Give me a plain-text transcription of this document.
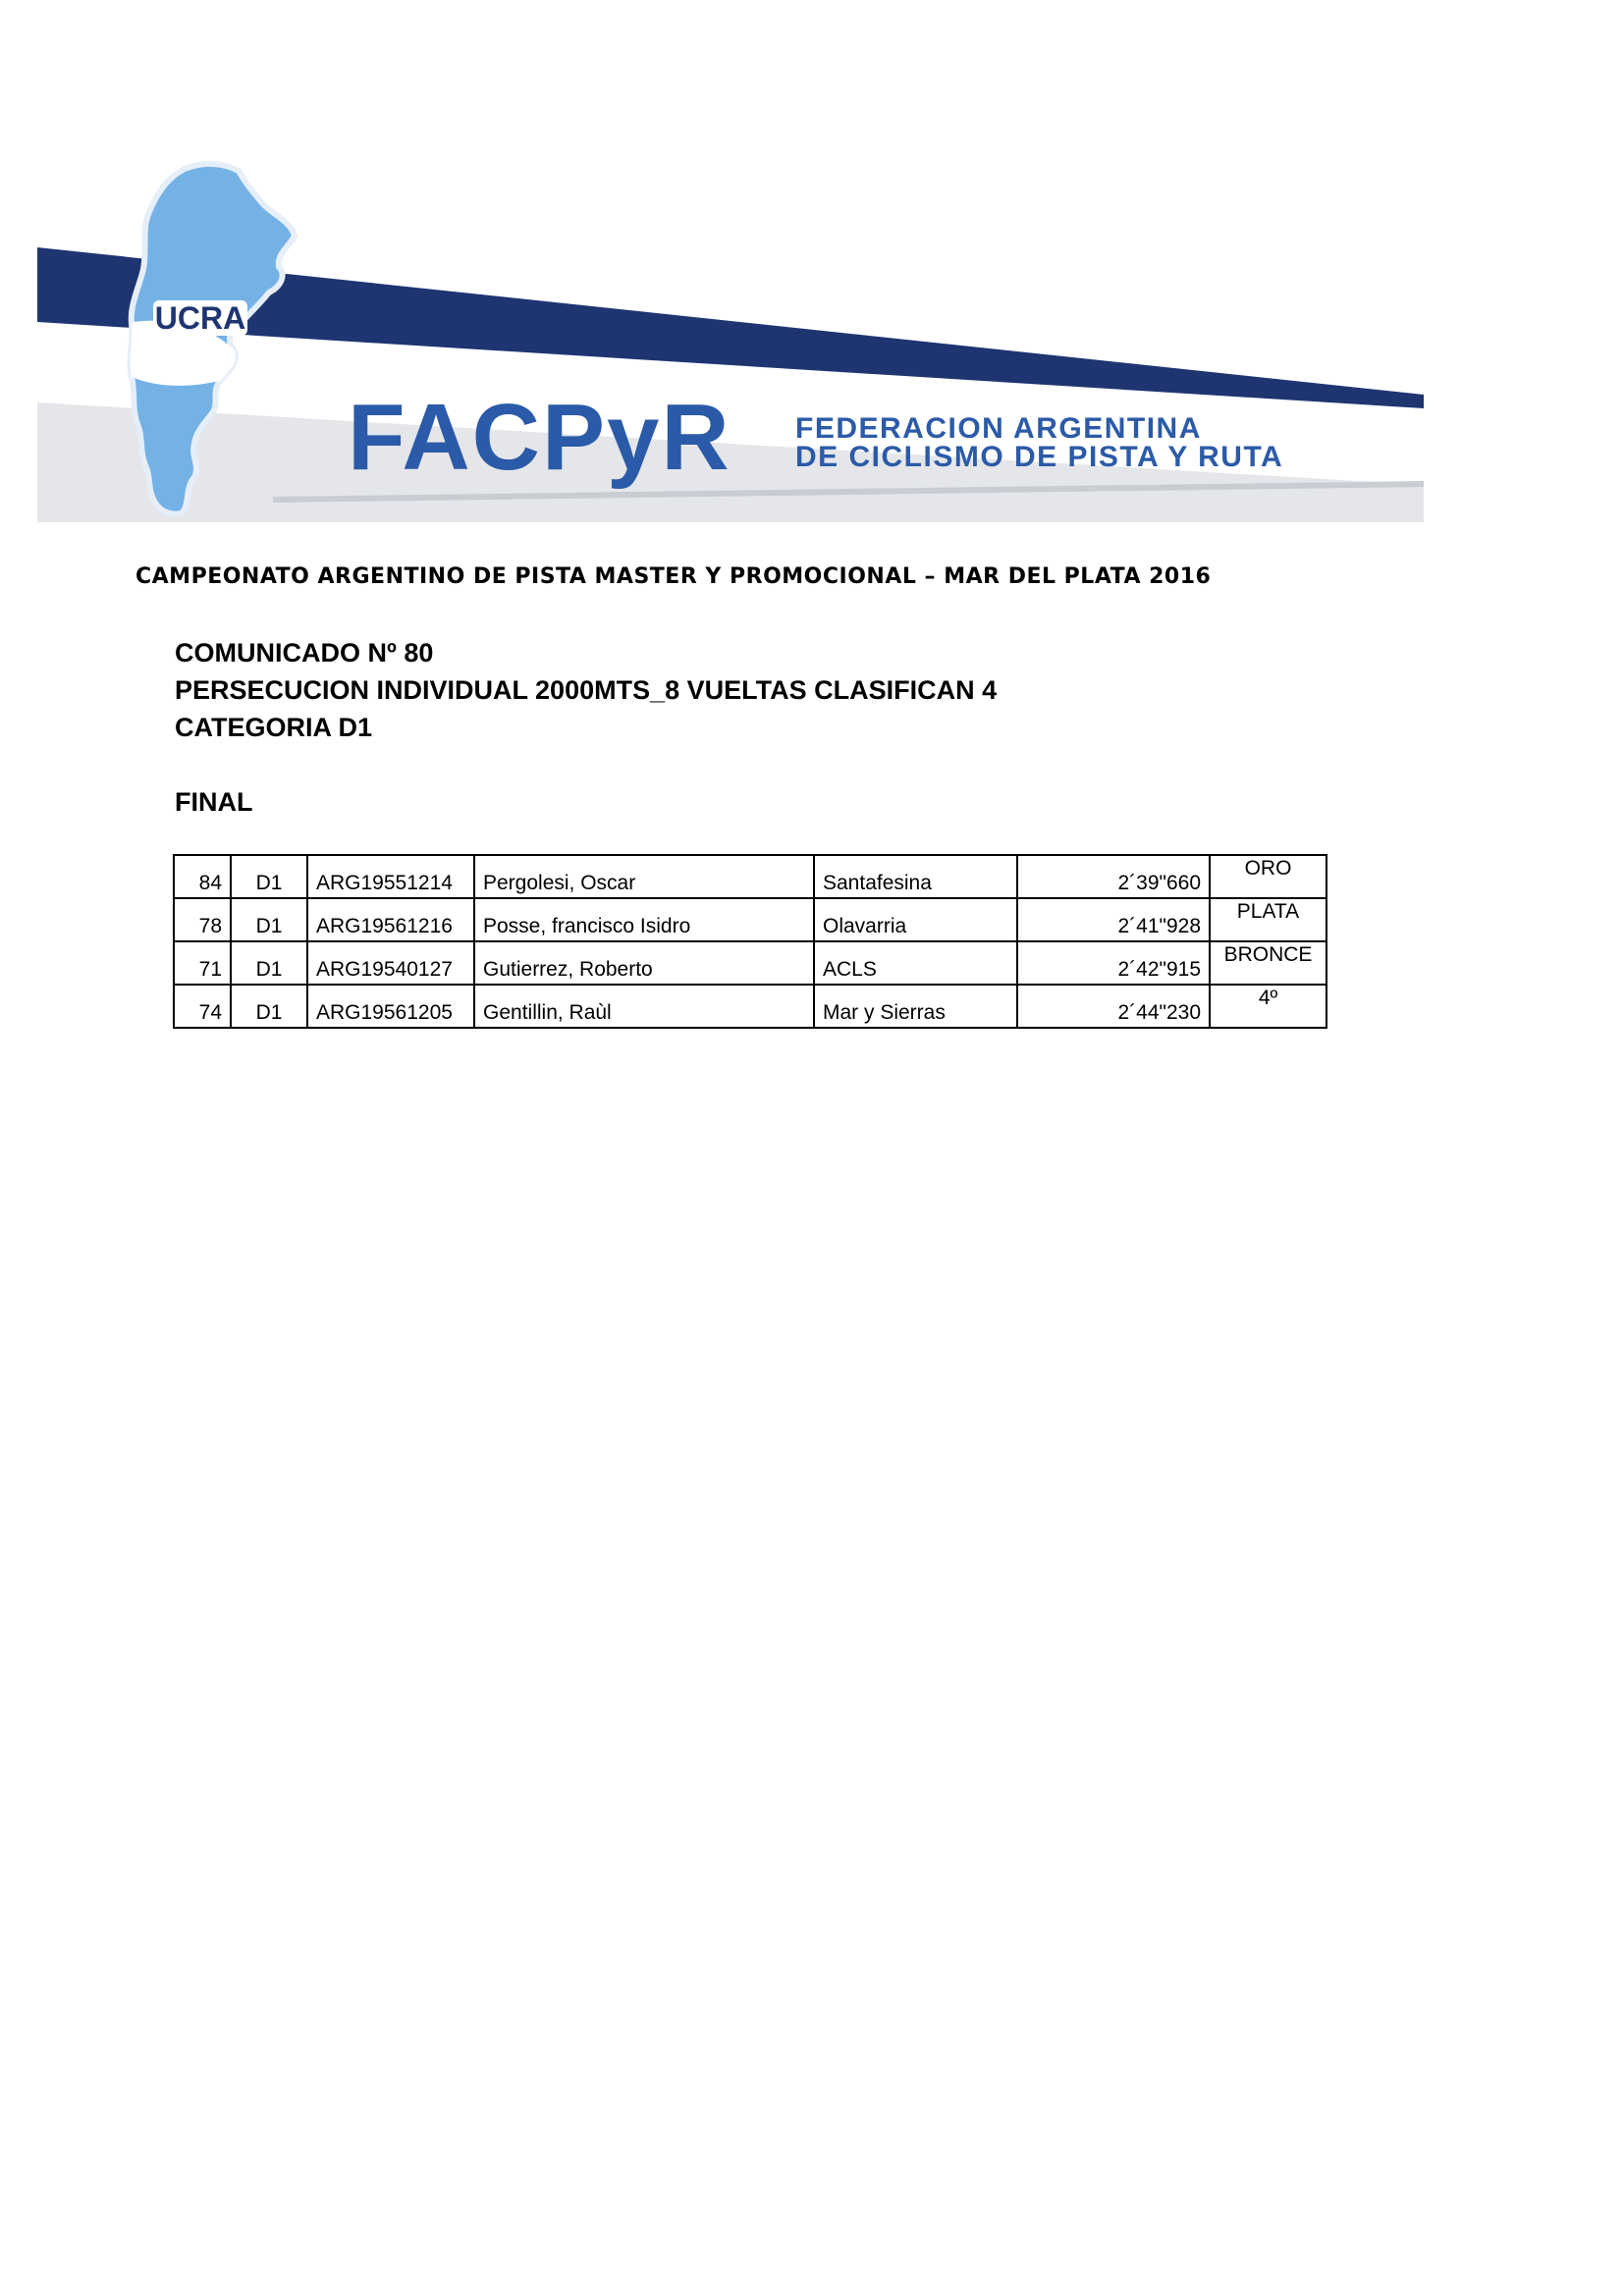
UCRA
FACPyR FEDERACION ARGENTINA
DE CICLISMO DE PISTA Y RUTA
CAMPEONATO ARGENTINO DE PISTA MASTER Y PROMOCIONAL – MAR DEL PLATA 2016
COMUNICADO Nº 80
PERSECUCION INDIVIDUAL 2000MTS_8 VUELTAS CLASIFICAN 4
CATEGORIA D1
FINAL
84	D1	ARG19551214	Pergolesi, Oscar	Santafesina	2´39"660	ORO
78	D1	ARG19561216	Posse, francisco Isidro	Olavarria	2´41"928	PLATA
71	D1	ARG19540127	Gutierrez, Roberto	ACLS	2´42"915	BRONCE
74	D1	ARG19561205	Gentillin, Raùl	Mar y Sierras	2´44"230	4º
